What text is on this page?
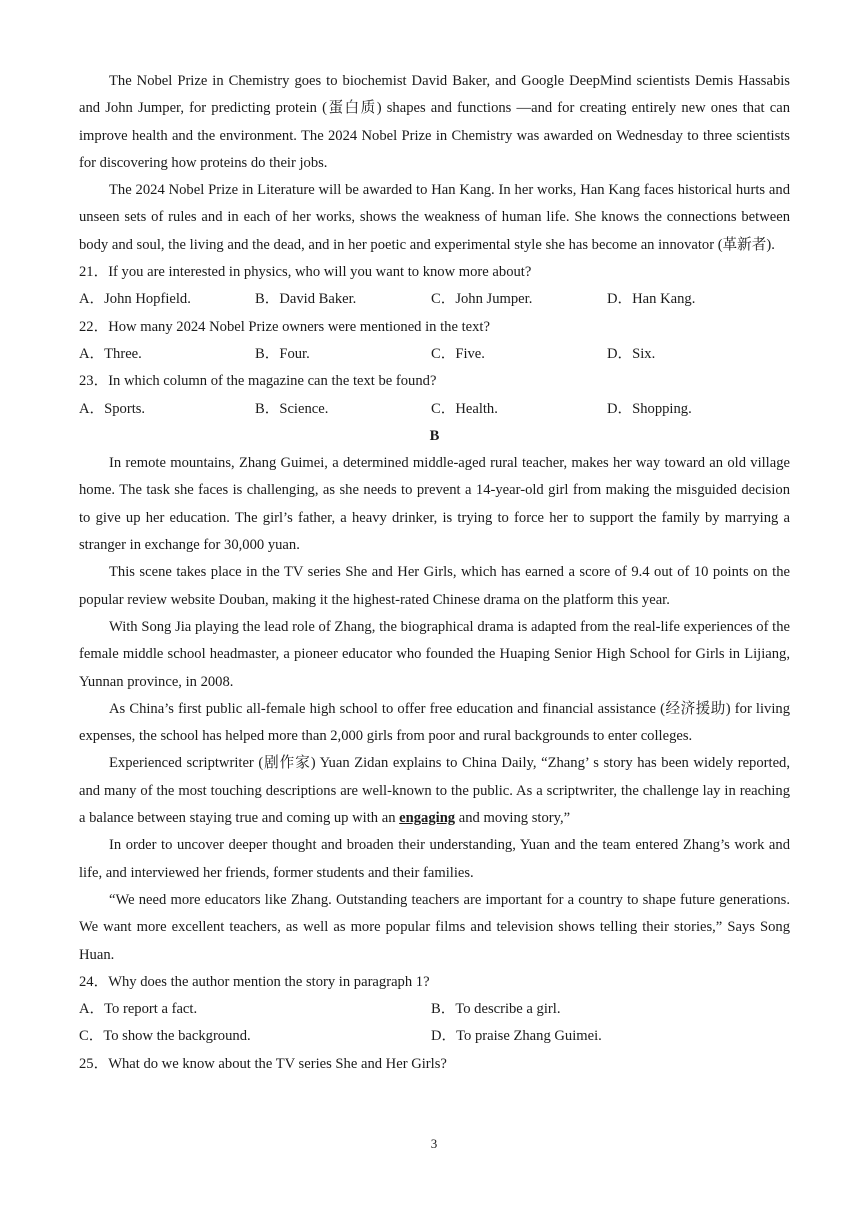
The Nobel Prize in Chemistry goes to biochemist David Baker, and Google DeepMind scientists Demis Hassabis and John Jumper, for predicting protein (蛋白质) shapes and functions —and for creating entirely new ones that can improve health and the environment. The 2024 Nobel Prize in Chemistry was awarded on Wednesday to three scientists for discovering how proteins do their jobs.

The 2024 Nobel Prize in Literature will be awarded to Han Kang. In her works, Han Kang faces historical hurts and unseen sets of rules and in each of her works, shows the weakness of human life. She knows the connections between body and soul, the living and the dead, and in her poetic and experimental style she has become an innovator (革新者).

21．If you are interested in physics, who will you want to know more about?
A．John Hopfield.	B．David Baker.	C．John Jumper.	D．Han Kang.
22．How many 2024 Nobel Prize owners were mentioned in the text?
A．Three.	B．Four.	C．Five.	D．Six.
23．In which column of the magazine can the text be found?
A．Sports.	B．Science.	C．Health.	D．Shopping.
B

In remote mountains, Zhang Guimei, a determined middle-aged rural teacher, makes her way toward an old village home. The task she faces is challenging, as she needs to prevent a 14-year-old girl from making the misguided decision to give up her education. The girl’s father, a heavy drinker, is trying to force her to support the family by marrying a stranger in exchange for 30,000 yuan.

This scene takes place in the TV series She and Her Girls, which has earned a score of 9.4 out of 10 points on the popular review website Douban, making it the highest-rated Chinese drama on the platform this year.

With Song Jia playing the lead role of Zhang, the biographical drama is adapted from the real-life experiences of the female middle school headmaster, a pioneer educator who founded the Huaping Senior High School for Girls in Lijiang, Yunnan province, in 2008.

As China’s first public all-female high school to offer free education and financial assistance (经济援助) for living expenses, the school has helped more than 2,000 girls from poor and rural backgrounds to enter colleges.

Experienced scriptwriter (剧作家) Yuan Zidan explains to China Daily, “Zhang’ s story has been widely reported, and many of the most touching descriptions are well-known to the public. As a scriptwriter, the challenge lay in reaching a balance between staying true and coming up with an engaging and moving story,”

In order to uncover deeper thought and broaden their understanding, Yuan and the team entered Zhang’s work and life, and interviewed her friends, former students and their families.

“We need more educators like Zhang. Outstanding teachers are important for a country to shape future generations. We want more excellent teachers, as well as more popular films and television shows telling their stories,” Says Song Huan.

24．Why does the author mention the story in paragraph 1?
A．To report a fact.	B．To describe a girl.
C．To show the background.	D．To praise Zhang Guimei.
25．What do we know about the TV series She and Her Girls?
3
